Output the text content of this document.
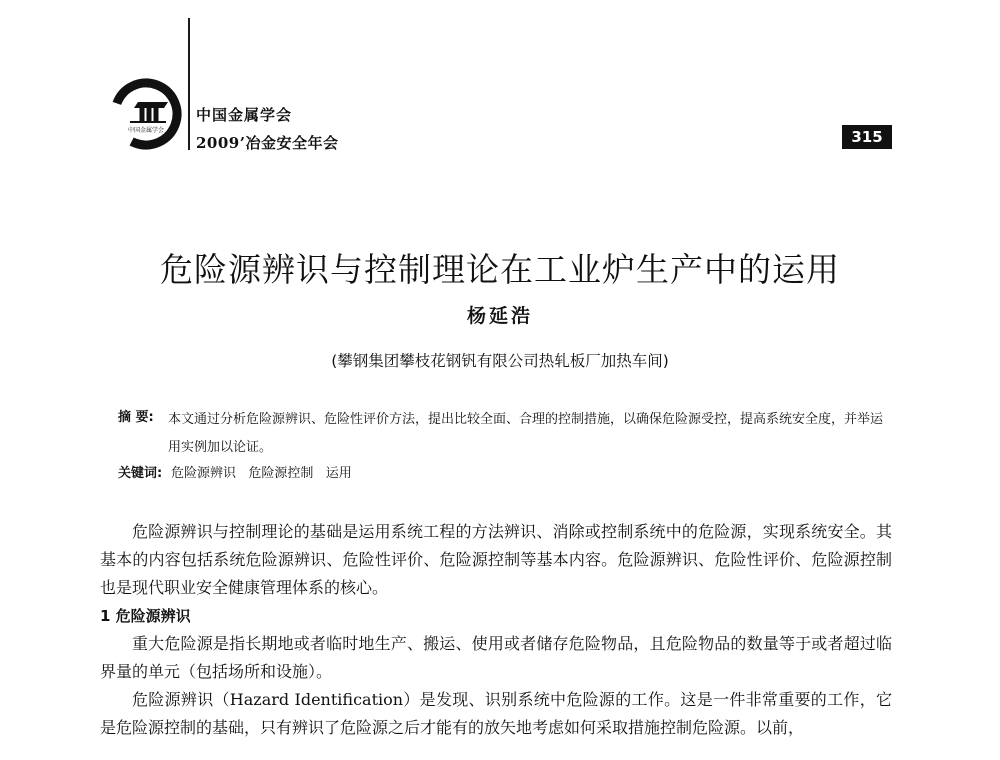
中国金属学会
中国金属学会
2009’冶金安全年会	315
危险源辨识与控制理论在工业炉生产中的运用
杨延浩
(攀钢集团攀枝花钢钒有限公司热轧板厂加热车间)
摘 要: 本文通过分析危险源辨识、危险性评价方法，提出比较全面、合理的控制措施，以确保危险源受控，提高系统安全度，并举运用实例加以论证。
关键词: 危险源辨识   危险源控制   运用

危险源辨识与控制理论的基础是运用系统工程的方法辨识、消除或控制系统中的危险源，实现系统安全。其基本的内容包括系统危险源辨识、危险性评价、危险源控制等基本内容。危险源辨识、危险性评价、危险源控制也是现代职业安全健康管理体系的核心。

1 危险源辨识

重大危险源是指长期地或者临时地生产、搬运、使用或者储存危险物品，且危险物品的数量等于或者超过临界量的单元（包括场所和设施）。

危险源辨识（Hazard Identification）是发现、识别系统中危险源的工作。这是一件非常重要的工作，它是危险源控制的基础，只有辨识了危险源之后才能有的放矢地考虑如何采取措施控制危险源。以前，
